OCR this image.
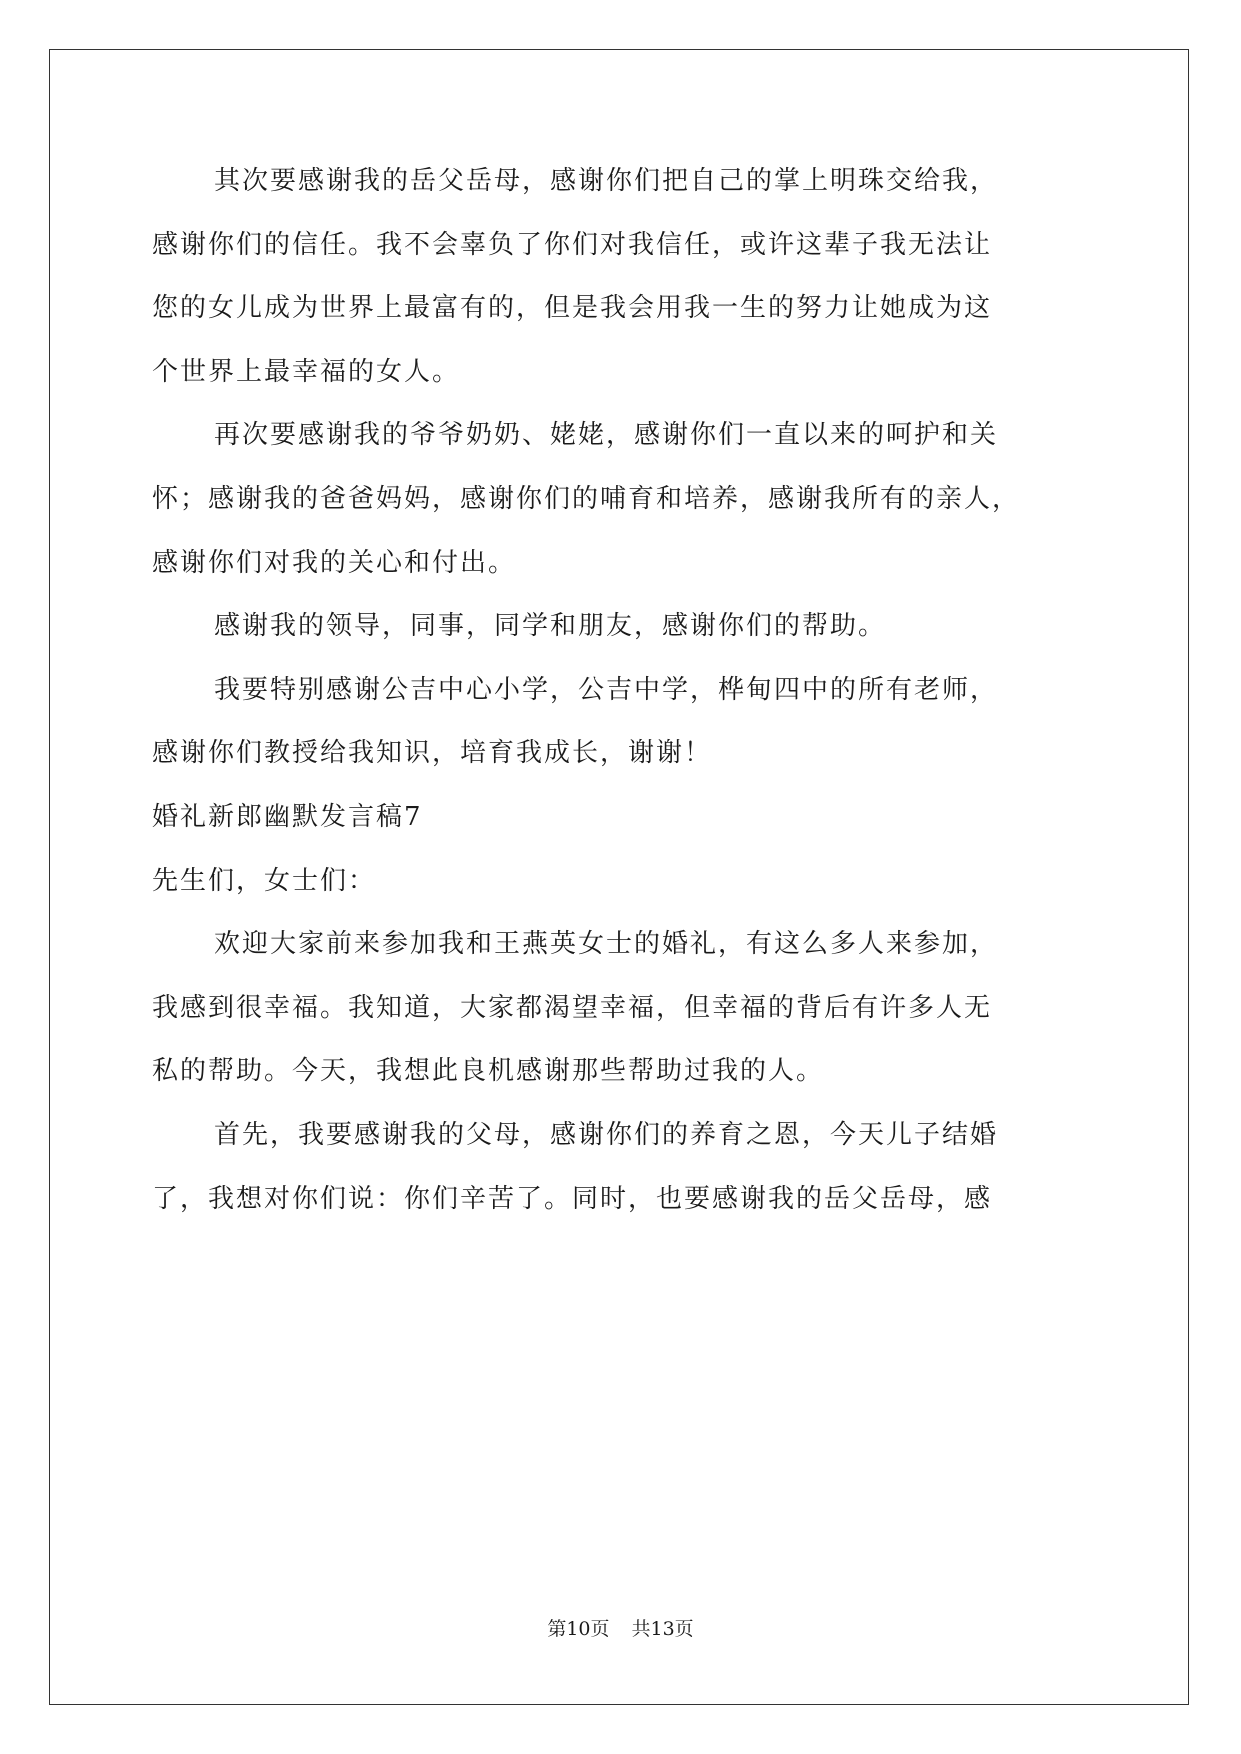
其次要感谢我的岳父岳母，感谢你们把自己的掌上明珠交给我，
感谢你们的信任。我不会辜负了你们对我信任，或许这辈子我无法让
您的女儿成为世界上最富有的，但是我会用我一生的努力让她成为这
个世界上最幸福的女人。
再次要感谢我的爷爷奶奶、姥姥，感谢你们一直以来的呵护和关
怀；感谢我的爸爸妈妈，感谢你们的哺育和培养，感谢我所有的亲人，
感谢你们对我的关心和付出。
感谢我的领导，同事，同学和朋友，感谢你们的帮助。
我要特别感谢公吉中心小学，公吉中学，桦甸四中的所有老师，
感谢你们教授给我知识，培育我成长，谢谢！
婚礼新郎幽默发言稿7
先生们，女士们：
欢迎大家前来参加我和王燕英女士的婚礼，有这么多人来参加，
我感到很幸福。我知道，大家都渴望幸福，但幸福的背后有许多人无
私的帮助。今天，我想此良机感谢那些帮助过我的人。
首先，我要感谢我的父母，感谢你们的养育之恩，今天儿子结婚
了，我想对你们说：你们辛苦了。同时，也要感谢我的岳父岳母，感
第10页 共13页
